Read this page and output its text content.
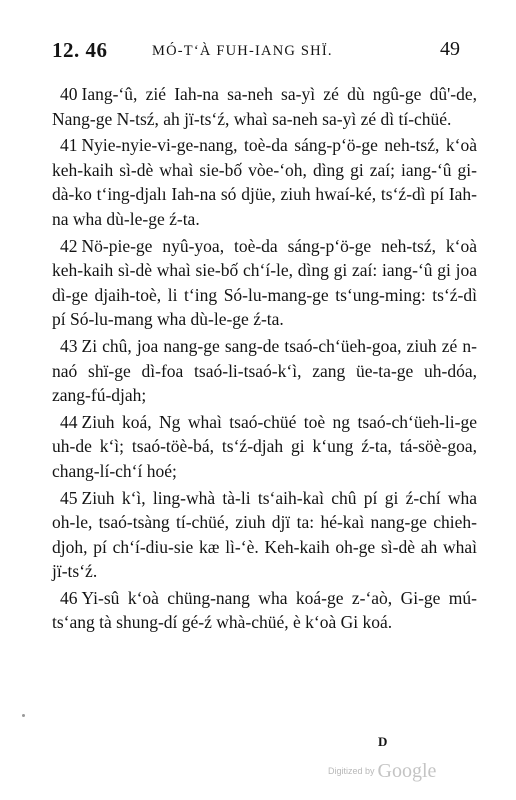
12. 46	MÓ-T‘À FUH-IANG SHÏ.	49

40 Iang-‘û, zié Iah-na sa-neh sa-yì zé dù ngû-ge dû'-de, Nang-ge N-tsź, ah jï-ts‘ź, whaì sa-neh sa-yì zé dì tí-chüé.

41 Nyie-nyie-vi-ge-nang, toè-da sáng-p‘ö-ge neh-tsź, k‘oà keh-kaih sì-dè whaì sie-bố vòe-‘oh, dìng gi zaí; iang-‘û gi-dà-ko t‘ing-djalı Iah-na só djüe, ziuh hwaí-ké, ts‘ź-dì pí Iah-na wha dù-le-ge ź-ta.

42 Nö-pie-ge nyû-yoa, toè-da sáng-p‘ö-ge neh-tsź, k‘oà keh-kaih sì-dè whaì sie-bố ch‘í-le, dìng gi zaí: iang-‘û gi joa dì-ge djaih-toè, li t‘ing Só-lu-mang-ge ts‘ung-ming: ts‘ź-dì pí Só-lu-mang wha dù-le-ge ź-ta.

43 Zi chû, joa nang-ge sang-de tsaó-ch‘üeh-goa, ziuh zé n-naó shï-ge dì-foa tsaó-li-tsaó-k‘ì, zang üe-ta-ge uh-dóa, zang-fú-djah;

44 Ziuh koá, Ng whaì tsaó-chüé toè ng tsaó-ch‘üeh-li-ge uh-de k‘ì; tsaó-töè-bá, ts‘ź-djah gi k‘ung ź-ta, tá-söè-goa, chang-lí-ch‘í hoé;

45 Ziuh k‘ì, ling-whà tà-li ts‘aih-kaì chû pí gi ź-chí wha oh-le, tsaó-tsàng tí-chüé, ziuh djï ta: hé-kaì nang-ge chieh-djoh, pí ch‘í-diu-sie kæ lì-‘è. Keh-kaih oh-ge sì-dè ah whaì jï-ts‘ź.

46 Yi-sû k‘oà chüng-nang wha koá-ge z-‘aò, Gi-ge mú-ts‘ang tà shung-dí gé-ź whà-chüé, è k‘oà Gi koá.

D
Digitized by Google
